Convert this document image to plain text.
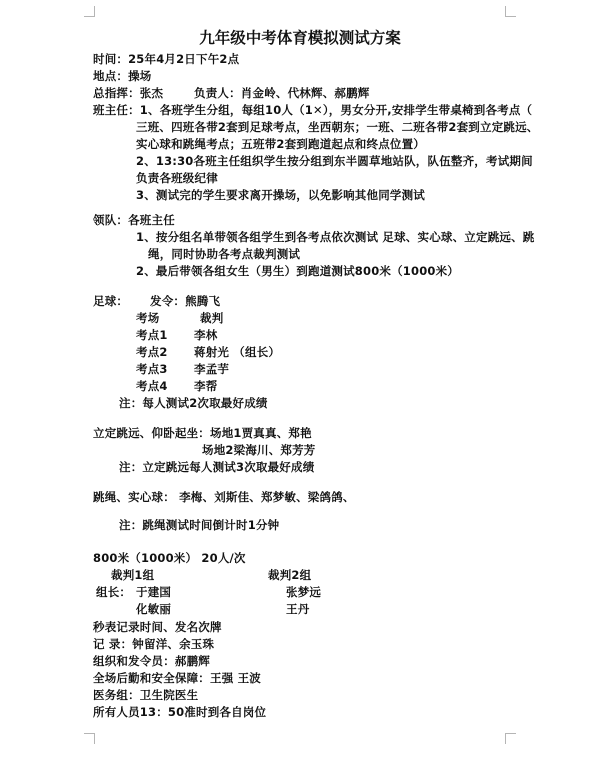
九年级中考体育模拟测试方案
时间：25年4月2日下午2点
地点：操场
总指挥：张杰	负责人：肖金岭、代林辉、郝鹏辉
班主任：1、各班学生分组，每组10人（1✕），男女分开,安排学生带桌椅到各考点（
三班、四班各带2套到足球考点，坐西朝东；一班、二班各带2套到立定跳远、
实心球和跳绳考点；五班带2套到跑道起点和终点位置）
2、13:30各班主任组织学生按分组到东半圆草地站队，队伍整齐，考试期间
负责各班级纪律
3、测试完的学生要求离开操场，以免影响其他同学测试
领队：各班主任
1、按分组名单带领各组学生到各考点依次测试 足球、实心球、立定跳远、跳
绳，同时协助各考点裁判测试
2、最后带领各组女生（男生）到跑道测试800米（1000米）
足球： 发令：熊腾飞
考场	裁判
考点1 李林
考点2 蒋射光 （组长）
考点3 李孟芋
考点4 李帮
注：每人测试2次取最好成绩
立定跳远、仰卧起坐：场地1贾真真、郑艳
场地2梁海川、郑芳芳
注：立定跳远每人测试3次取最好成绩
跳绳、实心球： 李梅、刘斯佳、郑梦敏、梁鸽鸽、
注：跳绳测试时间倒计时1分钟
800米（1000米） 20人/次
裁判1组	裁判2组
组长： 于建国	张梦远
化敏丽	王丹
秒表记录时间、发名次牌
记 录：钟留洋、余玉珠
组织和发令员：郝鹏辉
全场后勤和安全保障：王强 王波
医务组：卫生院医生
所有人员13：50准时到各自岗位
